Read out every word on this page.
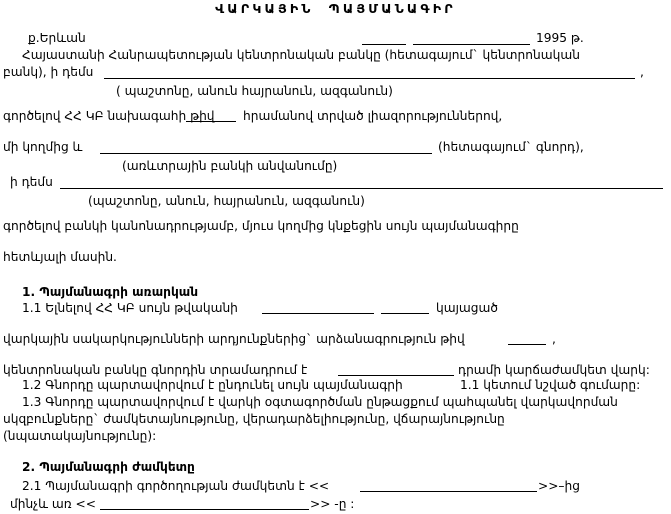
ՎԱՐԿԱՅԻՆ  ՊԱՅՄԱՆԱԳԻՐ
ք.Երևան	1995 թ.
Հայաստանի Հանրապետության կենտրոնական բանկը (հետագայում` կենտրոնական
բանկ), ի դեմս	,
( պաշտոնը, անուն հայրանուն, ազգանուն)
գործելով ՀՀ ԿԲ նախագահի թիվ հրամանով տրված լիազորություններով,
մի կողմից և	(հետագայում` գնորդ),
(առևտրային բանկի անվանումը)
ի դեմս
(պաշտոնը, անուն, հայրանուն, ազգանուն)
գործելով բանկի կանոնադրությամբ, մյուս կողմից կնքեցին սույն պայմանագիրը
հետևյալի մասին.
1. Պայմանագրի առարկան
1.1 Ելնելով ՀՀ ԿԲ սույն թվականի	կայացած
վարկային սակարկությունների արդյունքներից` արձանագրություն թիվ	,
կենտրոնական բանկը գնորդին տրամադրում է	դրամի կարճաժամկետ վարկ:
1.2 Գնորդը պարտավորվում է ընդունել սույն պայմանագրի	1.1 կետում նշված գումարը:
1.3 Գնորդը պարտավորվում է վարկի օգտագործման ընթացքում պահպանել վարկավորման
սկզբունքները` ժամկետայնությունը, վերադարձելիությունը, վճարայնությունը
(նպատակայնությունը):
2. Պայմանագրի ժամկետը
2.1 Պայմանագրի գործողության ժամկետն է <<	>>–ից
մինչև առ <<	>> -ը :
